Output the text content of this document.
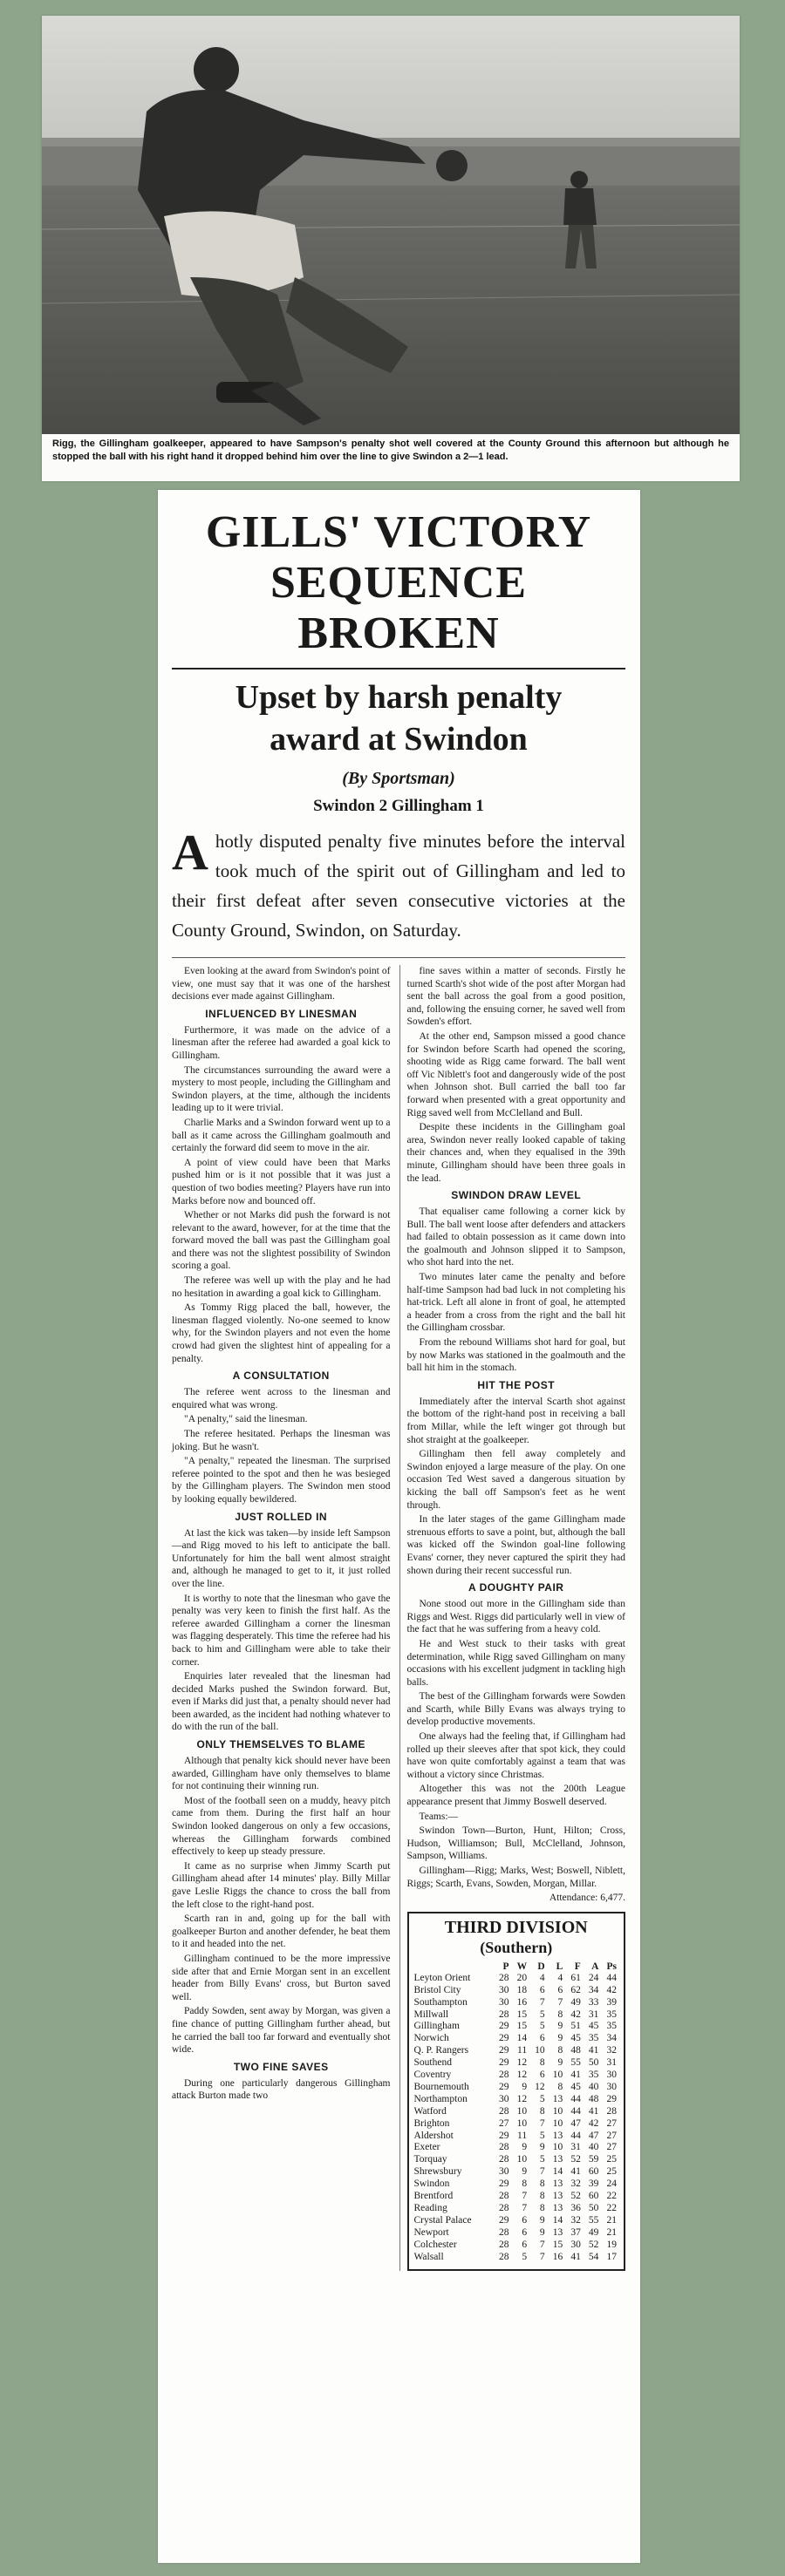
Rigg, the Gillingham goalkeeper, appeared to have Sampson's penalty shot well covered at the County Ground this afternoon but although he stopped the ball with his right hand it dropped behind him over the line to give Swindon a 2—1 lead.
GILLS' VICTORY
SEQUENCE BROKEN
Upset by harsh penalty
award at Swindon
(By Sportsman)
Swindon 2 Gillingham 1
A hotly disputed penalty five minutes before the interval took much of the spirit out of Gillingham and led to their first defeat after seven consecutive victories at the County Ground, Swindon, on Saturday.

Even looking at the award from Swindon's point of view, one must say that it was one of the harshest decisions ever made against Gillingham.

INFLUENCED BY LINESMAN

Furthermore, it was made on the advice of a linesman after the referee had awarded a goal kick to Gillingham.

The circumstances surrounding the award were a mystery to most people, including the Gillingham and Swindon players, at the time, although the incidents leading up to it were trivial.

Charlie Marks and a Swindon forward went up to a ball as it came across the Gillingham goalmouth and certainly the forward did seem to move in the air.

A point of view could have been that Marks pushed him or is it not possible that it was just a question of two bodies meeting? Players have run into Marks before now and bounced off.

Whether or not Marks did push the forward is not relevant to the award, however, for at the time that the forward moved the ball was past the Gillingham goal and there was not the slightest possibility of Swindon scoring a goal.

The referee was well up with the play and he had no hesitation in awarding a goal kick to Gillingham.

As Tommy Rigg placed the ball, however, the linesman flagged violently. No-one seemed to know why, for the Swindon players and not even the home crowd had given the slightest hint of appealing for a penalty.

A CONSULTATION

The referee went across to the linesman and enquired what was wrong.

"A penalty," said the linesman.

The referee hesitated. Perhaps the linesman was joking. But he wasn't.

"A penalty," repeated the linesman. The surprised referee pointed to the spot and then he was besieged by the Gillingham players. The Swindon men stood by looking equally bewildered.

JUST ROLLED IN

At last the kick was taken—by inside left Sampson—and Rigg moved to his left to anticipate the ball. Unfortunately for him the ball went almost straight and, although he managed to get to it, it just rolled over the line.

It is worthy to note that the linesman who gave the penalty was very keen to finish the first half. As the referee awarded Gillingham a corner the linesman was flagging desperately. This time the referee had his back to him and Gillingham were able to take their corner.

Enquiries later revealed that the linesman had decided Marks pushed the Swindon forward. But, even if Marks did just that, a penalty should never had been awarded, as the incident had nothing whatever to do with the run of the ball.

ONLY THEMSELVES TO BLAME

Although that penalty kick should never have been awarded, Gillingham have only themselves to blame for not continuing their winning run.

Most of the football seen on a muddy, heavy pitch came from them. During the first half an hour Swindon looked dangerous on only a few occasions, whereas the Gillingham forwards combined effectively to keep up steady pressure.

It came as no surprise when Jimmy Scarth put Gillingham ahead after 14 minutes' play. Billy Millar gave Leslie Riggs the chance to cross the ball from the left close to the right-hand post.

Scarth ran in and, going up for the ball with goalkeeper Burton and another defender, he beat them to it and headed into the net.

Gillingham continued to be the more impressive side after that and Ernie Morgan sent in an excellent header from Billy Evans' cross, but Burton saved well.

Paddy Sowden, sent away by Morgan, was given a fine chance of putting Gillingham further ahead, but he carried the ball too far forward and eventually shot wide.

TWO FINE SAVES

During one particularly dangerous Gillingham attack Burton made two

fine saves within a matter of seconds. Firstly he turned Scarth's shot wide of the post after Morgan had sent the ball across the goal from a good position, and, following the ensuing corner, he saved well from Sowden's effort.

At the other end, Sampson missed a good chance for Swindon before Scarth had opened the scoring, shooting wide as Rigg came forward. The ball went off Vic Niblett's foot and dangerously wide of the post when Johnson shot. Bull carried the ball too far forward when presented with a great opportunity and Rigg saved well from McClelland and Bull.

Despite these incidents in the Gillingham goal area, Swindon never really looked capable of taking their chances and, when they equalised in the 39th minute, Gillingham should have been three goals in the lead.

SWINDON DRAW LEVEL

That equaliser came following a corner kick by Bull. The ball went loose after defenders and attackers had failed to obtain possession as it came down into the goalmouth and Johnson slipped it to Sampson, who shot hard into the net.

Two minutes later came the penalty and before half-time Sampson had bad luck in not completing his hat-trick. Left all alone in front of goal, he attempted a header from a cross from the right and the ball hit the Gillingham crossbar.

From the rebound Williams shot hard for goal, but by now Marks was stationed in the goalmouth and the ball hit him in the stomach.

HIT THE POST

Immediately after the interval Scarth shot against the bottom of the right-hand post in receiving a ball from Millar, while the left winger got through but shot straight at the goalkeeper.

Gillingham then fell away completely and Swindon enjoyed a large measure of the play. On one occasion Ted West saved a dangerous situation by kicking the ball off Sampson's feet as he went through.

In the later stages of the game Gillingham made strenuous efforts to save a point, but, although the ball was kicked off the Swindon goal-line following Evans' corner, they never captured the spirit they had shown during their recent successful run.

A DOUGHTY PAIR

None stood out more in the Gillingham side than Riggs and West. Riggs did particularly well in view of the fact that he was suffering from a heavy cold.

He and West stuck to their tasks with great determination, while Rigg saved Gillingham on many occasions with his excellent judgment in tackling high balls.

The best of the Gillingham forwards were Sowden and Scarth, while Billy Evans was always trying to develop productive movements.

One always had the feeling that, if Gillingham had rolled up their sleeves after that spot kick, they could have won quite comfortably against a team that was without a victory since Christmas.

Altogether this was not the 200th League appearance present that Jimmy Boswell deserved.

Teams:—

Swindon Town—Burton, Hunt, Hilton; Cross, Hudson, Williamson; Bull, McClelland, Johnson, Sampson, Williams.

Gillingham—Rigg; Marks, West; Boswell, Niblett, Riggs; Scarth, Evans, Sowden, Morgan, Millar.

Attendance: 6,477.

THIRD DIVISION
(Southern)
	P	W	D	L	F	A	Ps
Leyton Orient	28	20	4	4	61	24	44
Bristol City	30	18	6	6	62	34	42
Southampton	30	16	7	7	49	33	39
Millwall	28	15	5	8	42	31	35
Gillingham	29	15	5	9	51	45	35
Norwich	29	14	6	9	45	35	34
Q. P. Rangers	29	11	10	8	48	41	32
Southend	29	12	8	9	55	50	31
Coventry	28	12	6	10	41	35	30
Bournemouth	29	9	12	8	45	40	30
Northampton	30	12	5	13	44	48	29
Watford	28	10	8	10	44	41	28
Brighton	27	10	7	10	47	42	27
Aldershot	29	11	5	13	44	47	27
Exeter	28	9	9	10	31	40	27
Torquay	28	10	5	13	52	59	25
Shrewsbury	30	9	7	14	41	60	25
Swindon	29	8	8	13	32	39	24
Brentford	28	7	8	13	52	60	22
Reading	28	7	8	13	36	50	22
Crystal Palace	29	6	9	14	32	55	21
Newport	28	6	9	13	37	49	21
Colchester	28	6	7	15	30	52	19
Walsall	28	5	7	16	41	54	17
